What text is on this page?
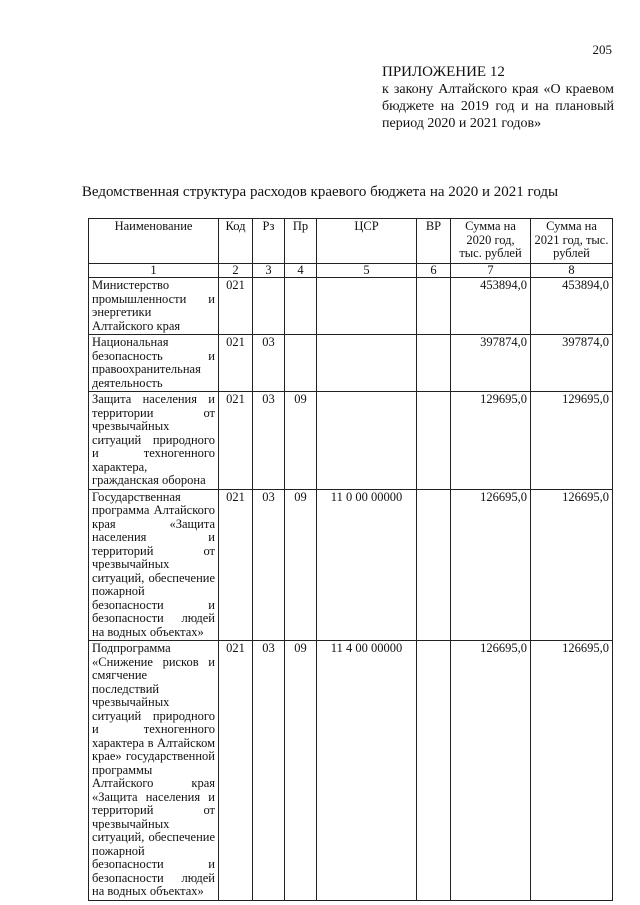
205
ПРИЛОЖЕНИЕ 12
к закону Алтайского края «О краевом бюджете на 2019 год и на плановый период 2020 и 2021 годов»
Ведомственная структура расходов краевого бюджета на 2020 и 2021 годы
Наименование	Код	Рз	Пр	ЦСР	ВР	Сумма на 2020 год, тыс. рублей	Сумма на 2021 год, тыс. рублей
1	2	3	4	5	6	7	8
Министерство промышленности и энергетики Алтайского края	021					453894,0	453894,0
Национальная безопасность и правоохранительная деятельность	021	03				397874,0	397874,0
Защита населения и территории от чрезвычайных ситуаций природного и техногенного характера, гражданская оборона	021	03	09			129695,0	129695,0
Государственная программа Алтайского края «Защита населения и территорий от чрезвычайных ситуаций, обеспечение пожарной безопасности и безопасности людей на водных объектах»	021	03	09	11 0 00 00000		126695,0	126695,0
Подпрограмма «Снижение рисков и смягчение последствий чрезвычайных ситуаций природного и техногенного характера в Алтайском крае» государственной программы Алтайского края «Защита населения и территорий от чрезвычайных ситуаций, обеспечение пожарной безопасности и безопасности людей на водных объектах»	021	03	09	11 4 00 00000		126695,0	126695,0
